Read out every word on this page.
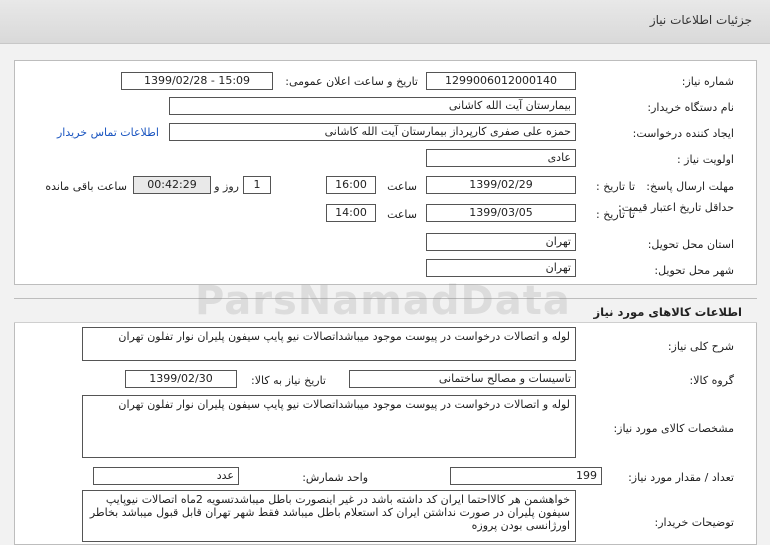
جزئیات اطلاعات نیاز
شماره نیاز:
1299006012000140
تاریخ و ساعت اعلان عمومی:
1399/02/28 - 15:09
نام دستگاه خریدار:
بیمارستان آیت الله کاشانی
ایجاد کننده درخواست:
حمزه علی صفری کارپرداز بیمارستان آیت الله کاشانی
اطلاعات تماس خریدار
اولویت نیاز :
عادی
مهلت ارسال پاسخ:
تا تاریخ :
1399/02/29
ساعت
16:00
1
روز و
00:42:29
ساعت باقی مانده
حداقل تاریخ اعتبار قیمت:
تا تاریخ :
1399/03/05
ساعت
14:00
استان محل تحویل:
تهران
شهر محل تحویل:
تهران
اطلاعات کالاهای مورد نیاز
شرح کلی نیاز:
لوله و اتصالات درخواست در پیوست موجود میباشداتصالات نیو پایپ سیفون پلیران نوار تفلون تهران
گروه کالا:
تاسیسات و مصالح ساختمانی
تاریخ نیاز به کالا:
1399/02/30
مشخصات کالای مورد نیاز:
لوله و اتصالات درخواست در پیوست موجود میباشداتصالات نیو پایپ سیفون پلیران نوار تفلون تهران
تعداد / مقدار مورد نیاز:
199
واحد شمارش:
عدد
توضیحات خریدار:
خواهشمن هر کالااحتما ایران کد داشته باشد در غیر اینصورت باطل میباشدتسویه 2ماه اتصالات نیوپایپ سیفون پلیران در صورت نداشتن ایران کد استعلام باطل میباشد فقط شهر تهران قابل قبول میباشد بخاطر اورژانسی بودن پروزه
